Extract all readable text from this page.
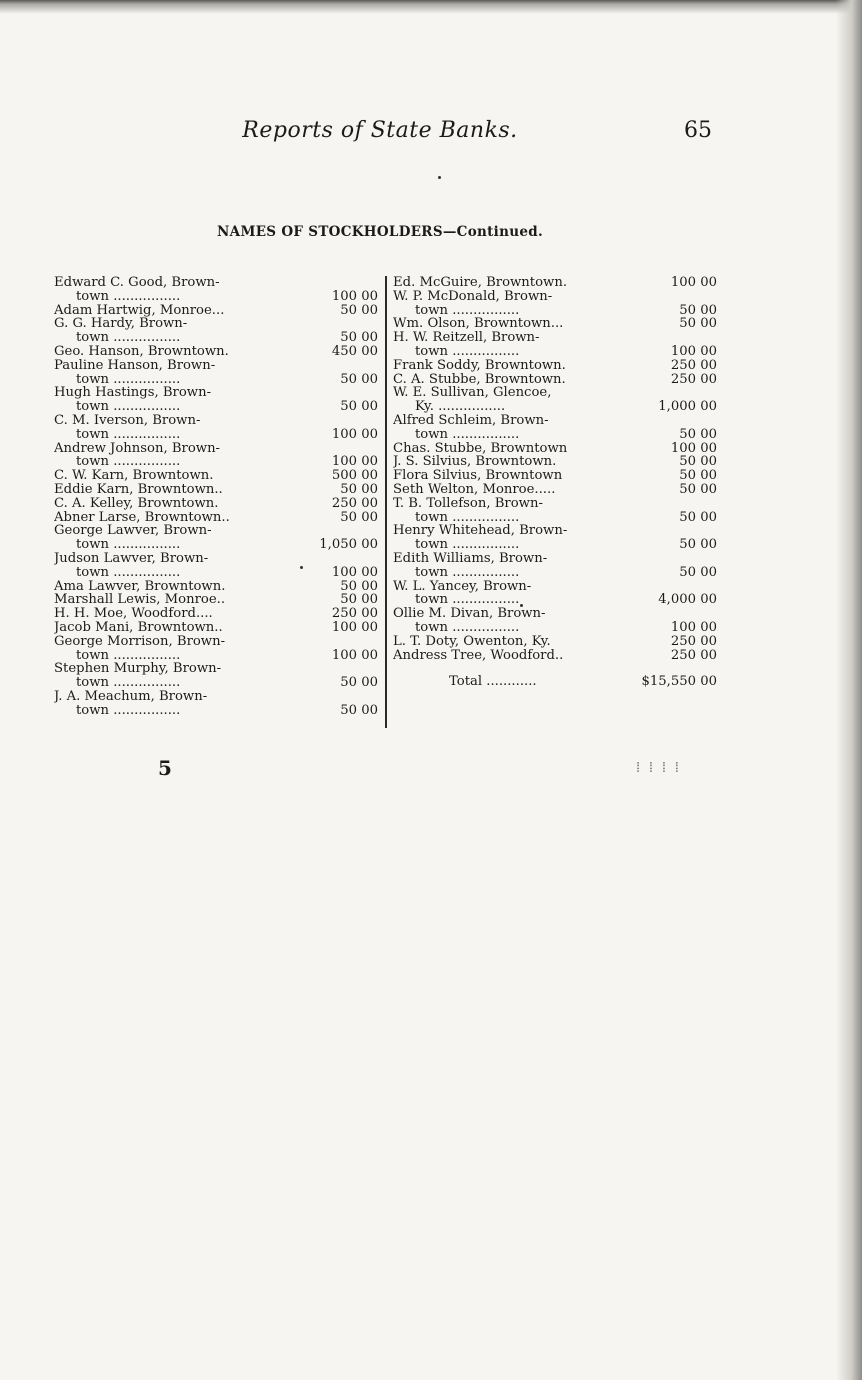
Reports of State Banks.	65
NAMES OF STOCKHOLDERS—Continued.
Edward C. Good, Brown-
town ................	100 00
Adam Hartwig, Monroe...	50 00
G. G. Hardy, Brown-
town ................	50 00
Geo. Hanson, Browntown.	450 00
Pauline Hanson, Brown-
town ................	50 00
Hugh Hastings, Brown-
town ................	50 00
C. M. Iverson, Brown-
town ................	100 00
Andrew Johnson, Brown-
town ................	100 00
C. W. Karn, Browntown.	500 00
Eddie Karn, Browntown..	50 00
C. A. Kelley, Browntown.	250 00
Abner Larse, Browntown..	50 00
George Lawver, Brown-
town ................	1,050 00
Judson Lawver, Brown-
town ................	100 00
Ama Lawver, Browntown.	50 00
Marshall Lewis, Monroe..	50 00
H. H. Moe, Woodford....	250 00
Jacob Mani, Browntown..	100 00
George Morrison, Brown-
town ................	100 00
Stephen Murphy, Brown-
town ................	50 00
J. A. Meachum, Brown-
town ................	50 00
Ed. McGuire, Browntown.	100 00
W. P. McDonald, Brown-
town ................	50 00
Wm. Olson, Browntown...	50 00
H. W. Reitzell, Brown-
town ................	100 00
Frank Soddy, Browntown.	250 00
C. A. Stubbe, Browntown.	250 00
W. E. Sullivan, Glencoe,
Ky. ................	1,000 00
Alfred Schleim, Brown-
town ................	50 00
Chas. Stubbe, Browntown	100 00
J. S. Silvius, Browntown.	50 00
Flora Silvius, Browntown	50 00
Seth Welton, Monroe.....	50 00
T. B. Tollefson, Brown-
town ................	50 00
Henry Whitehead, Brown-
town ................	50 00
Edith Williams, Brown-
town ................	50 00
W. L. Yancey, Brown-
town ................	4,000 00
Ollie M. Divan, Brown-
town ................	100 00
L. T. Doty, Owenton, Ky.	250 00
Andress Tree, Woodford..	250 00
Total ............	$15,550 00
5	⁞ ⁞ ⁞ ⁞
